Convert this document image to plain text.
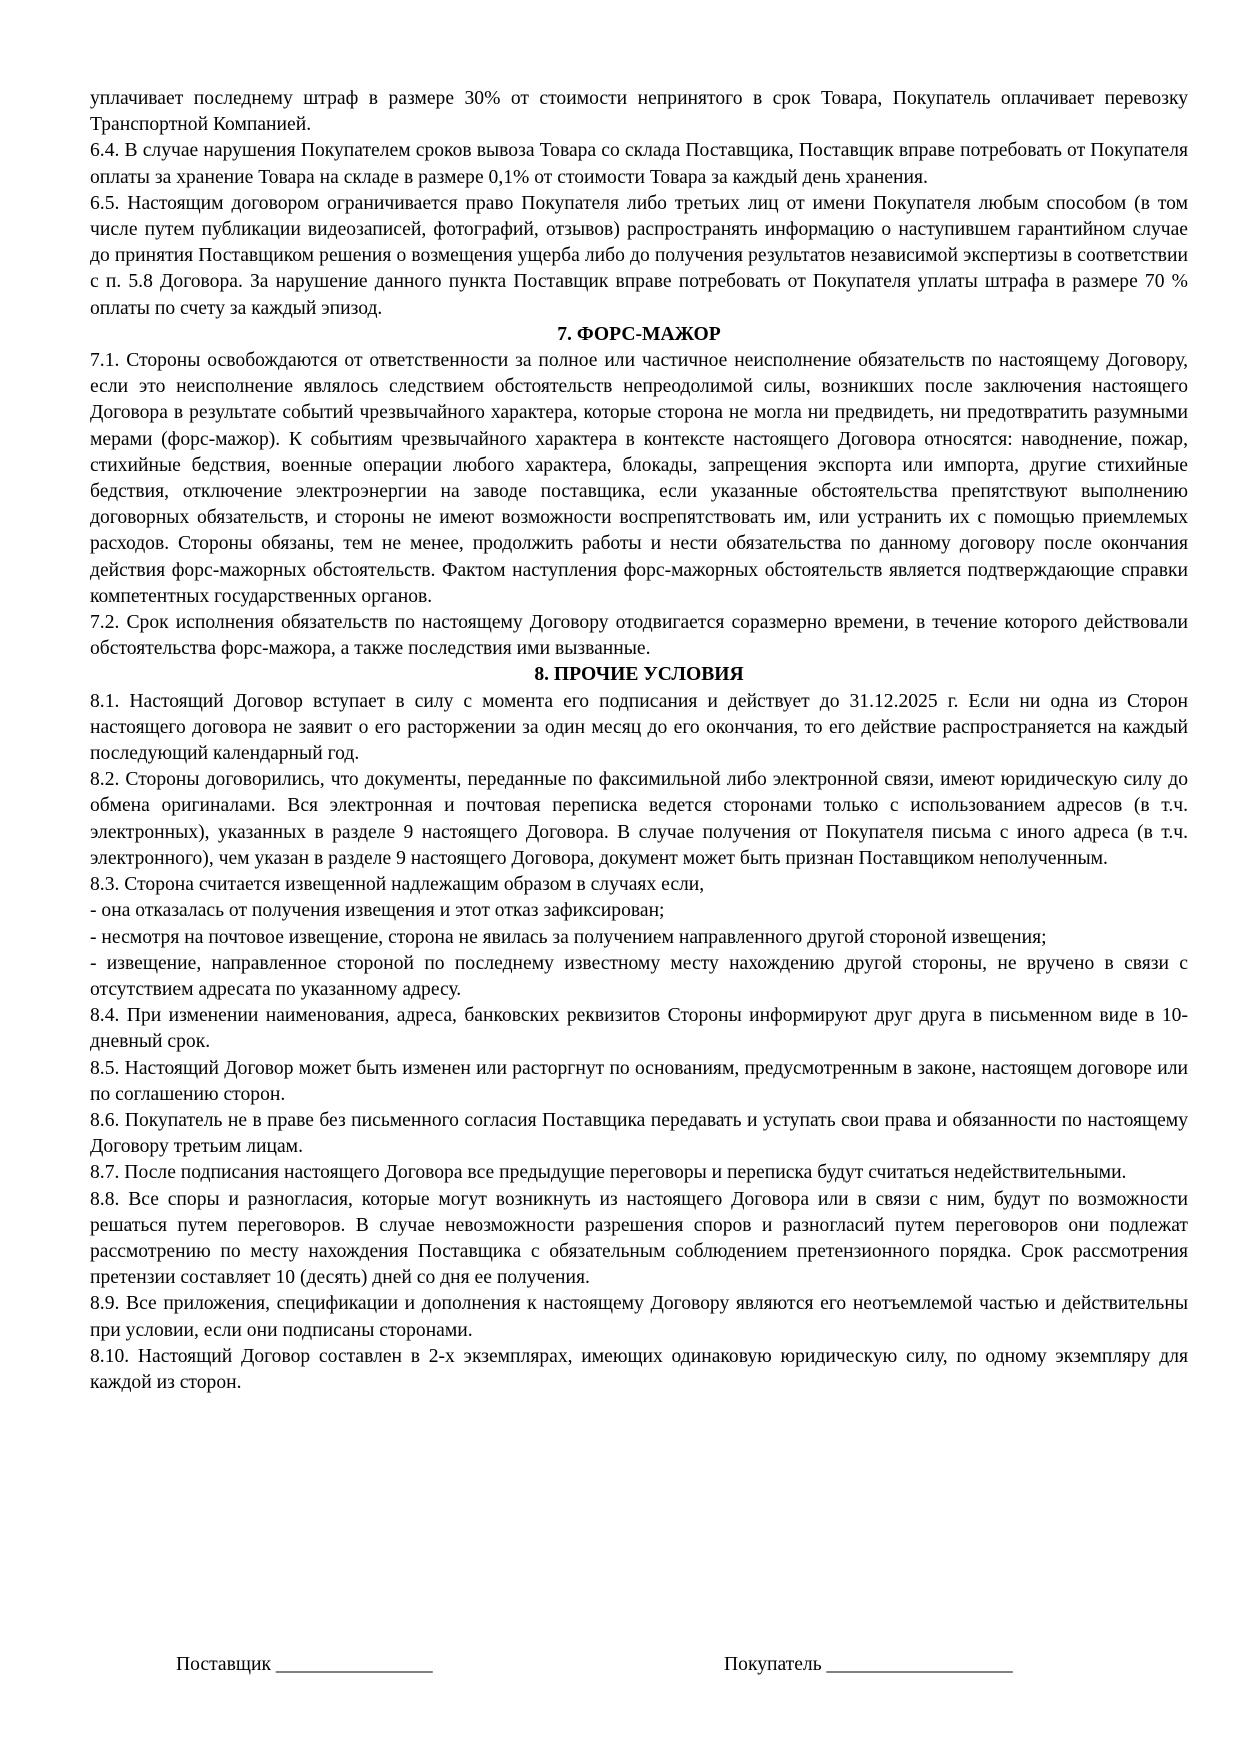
уплачивает последнему штраф в размере 30% от стоимости непринятого в срок Товара, Покупатель оплачивает перевозку Транспортной Компанией.

6.4. В случае нарушения Покупателем сроков вывоза Товара со склада Поставщика, Поставщик вправе потребовать от Покупателя оплаты за хранение Товара на складе в размере 0,1% от стоимости Товара за каждый день хранения.

6.5. Настоящим договором ограничивается право Покупателя либо третьих лиц от имени Покупателя любым способом (в том числе путем публикации видеозаписей, фотографий, отзывов) распространять информацию о наступившем гарантийном случае до принятия Поставщиком решения о возмещения ущерба либо до получения результатов независимой экспертизы в соответствии с п. 5.8 Договора. За нарушение данного пункта Поставщик вправе потребовать от Покупателя уплаты штрафа в размере 70 % оплаты по счету за каждый эпизод.

7. ФОРС-МАЖОР

7.1. Стороны освобождаются от ответственности за полное или частичное неисполнение обязательств по настоящему Договору, если это неисполнение являлось следствием обстоятельств непреодолимой силы, возникших после заключения настоящего Договора в результате событий чрезвычайного характера, которые сторона не могла ни предвидеть, ни предотвратить разумными мерами (форс-мажор). К событиям чрезвычайного характера в контексте настоящего Договора относятся: наводнение, пожар, стихийные бедствия, военные операции любого характера, блокады, запрещения экспорта или импорта, другие стихийные бедствия, отключение электроэнергии на заводе поставщика, если указанные обстоятельства препятствуют выполнению договорных обязательств, и стороны не имеют возможности воспрепятствовать им, или устранить их с помощью приемлемых расходов. Стороны обязаны, тем не менее, продолжить работы и нести обязательства по данному договору после окончания действия форс-мажорных обстоятельств. Фактом наступления форс-мажорных обстоятельств является подтверждающие справки компетентных государственных органов.

7.2. Срок исполнения обязательств по настоящему Договору отодвигается соразмерно времени, в течение которого действовали обстоятельства форс-мажора, а также последствия ими вызванные.

8. ПРОЧИЕ УСЛОВИЯ

8.1. Настоящий Договор вступает в силу с момента его подписания и действует до 31.12.2025 г. Если ни одна из Сторон настоящего договора не заявит о его расторжении за один месяц до его окончания, то его действие распространяется на каждый последующий календарный год.

8.2. Стороны договорились, что документы, переданные по факсимильной либо электронной связи, имеют юридическую силу до обмена оригиналами. Вся электронная и почтовая переписка ведется сторонами только с использованием адресов (в т.ч. электронных), указанных в разделе 9 настоящего Договора. В случае получения от Покупателя письма с иного адреса (в т.ч. электронного), чем указан в разделе 9 настоящего Договора, документ может быть признан Поставщиком неполученным.

8.3. Сторона считается извещенной надлежащим образом в случаях если,

- она отказалась от получения извещения и этот отказ зафиксирован;

- несмотря на почтовое извещение, сторона не явилась за получением направленного другой стороной извещения;

- извещение, направленное стороной по последнему известному месту нахождению другой стороны, не вручено в связи с отсутствием адресата по указанному адресу.

8.4. При изменении наименования, адреса, банковских реквизитов Стороны информируют друг друга в письменном виде в 10-дневный срок.

8.5. Настоящий Договор может быть изменен или расторгнут по основаниям, предусмотренным в законе, настоящем договоре или по соглашению сторон.

8.6. Покупатель не в праве без письменного согласия Поставщика передавать и уступать свои права и обязанности по настоящему Договору третьим лицам.

8.7. После подписания настоящего Договора все предыдущие переговоры и переписка будут считаться недействительными.

8.8. Все споры и разногласия, которые могут возникнуть из настоящего Договора или в связи с ним, будут по возможности решаться путем переговоров. В случае невозможности разрешения споров и разногласий путем переговоров они подлежат рассмотрению по месту нахождения Поставщика с обязательным соблюдением претензионного порядка. Срок рассмотрения претензии составляет 10 (десять) дней со дня ее получения.

8.9. Все приложения, спецификации и дополнения к настоящему Договору являются его неотъемлемой частью и действительны при условии, если они подписаны сторонами.

8.10. Настоящий Договор составлен в 2-х экземплярах, имеющих одинаковую юридическую силу, по одному экземпляру для каждой из сторон.

Поставщик ________________	Покупатель ___________________
